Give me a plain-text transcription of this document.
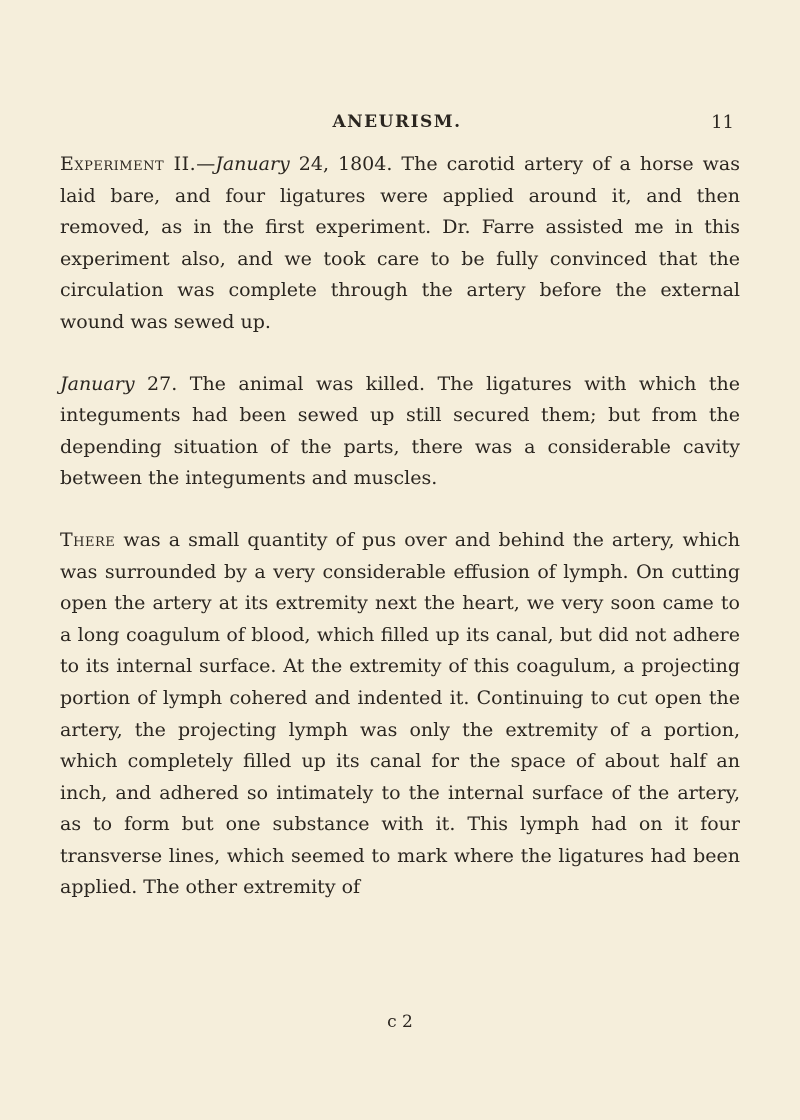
ANEURISM.	11

Experiment II.—January 24, 1804. The carotid artery of a horse was laid bare, and four ligatures were applied around it, and then removed, as in the first experiment. Dr. Farre assisted me in this experiment also, and we took care to be fully convinced that the circulation was complete through the artery before the external wound was sewed up.

January 27. The animal was killed. The ligatures with which the integuments had been sewed up still secured them; but from the depending situation of the parts, there was a considerable cavity between the integuments and muscles.

There was a small quantity of pus over and behind the artery, which was surrounded by a very considerable effusion of lymph. On cutting open the artery at its extremity next the heart, we very soon came to a long coagulum of blood, which filled up its canal, but did not adhere to its internal surface. At the extremity of this coagulum, a projecting portion of lymph cohered and indented it. Continuing to cut open the artery, the projecting lymph was only the extremity of a portion, which completely filled up its canal for the space of about half an inch, and adhered so intimately to the internal surface of the artery, as to form but one substance with it. This lymph had on it four transverse lines, which seemed to mark where the ligatures had been applied. The other extremity of

c 2
